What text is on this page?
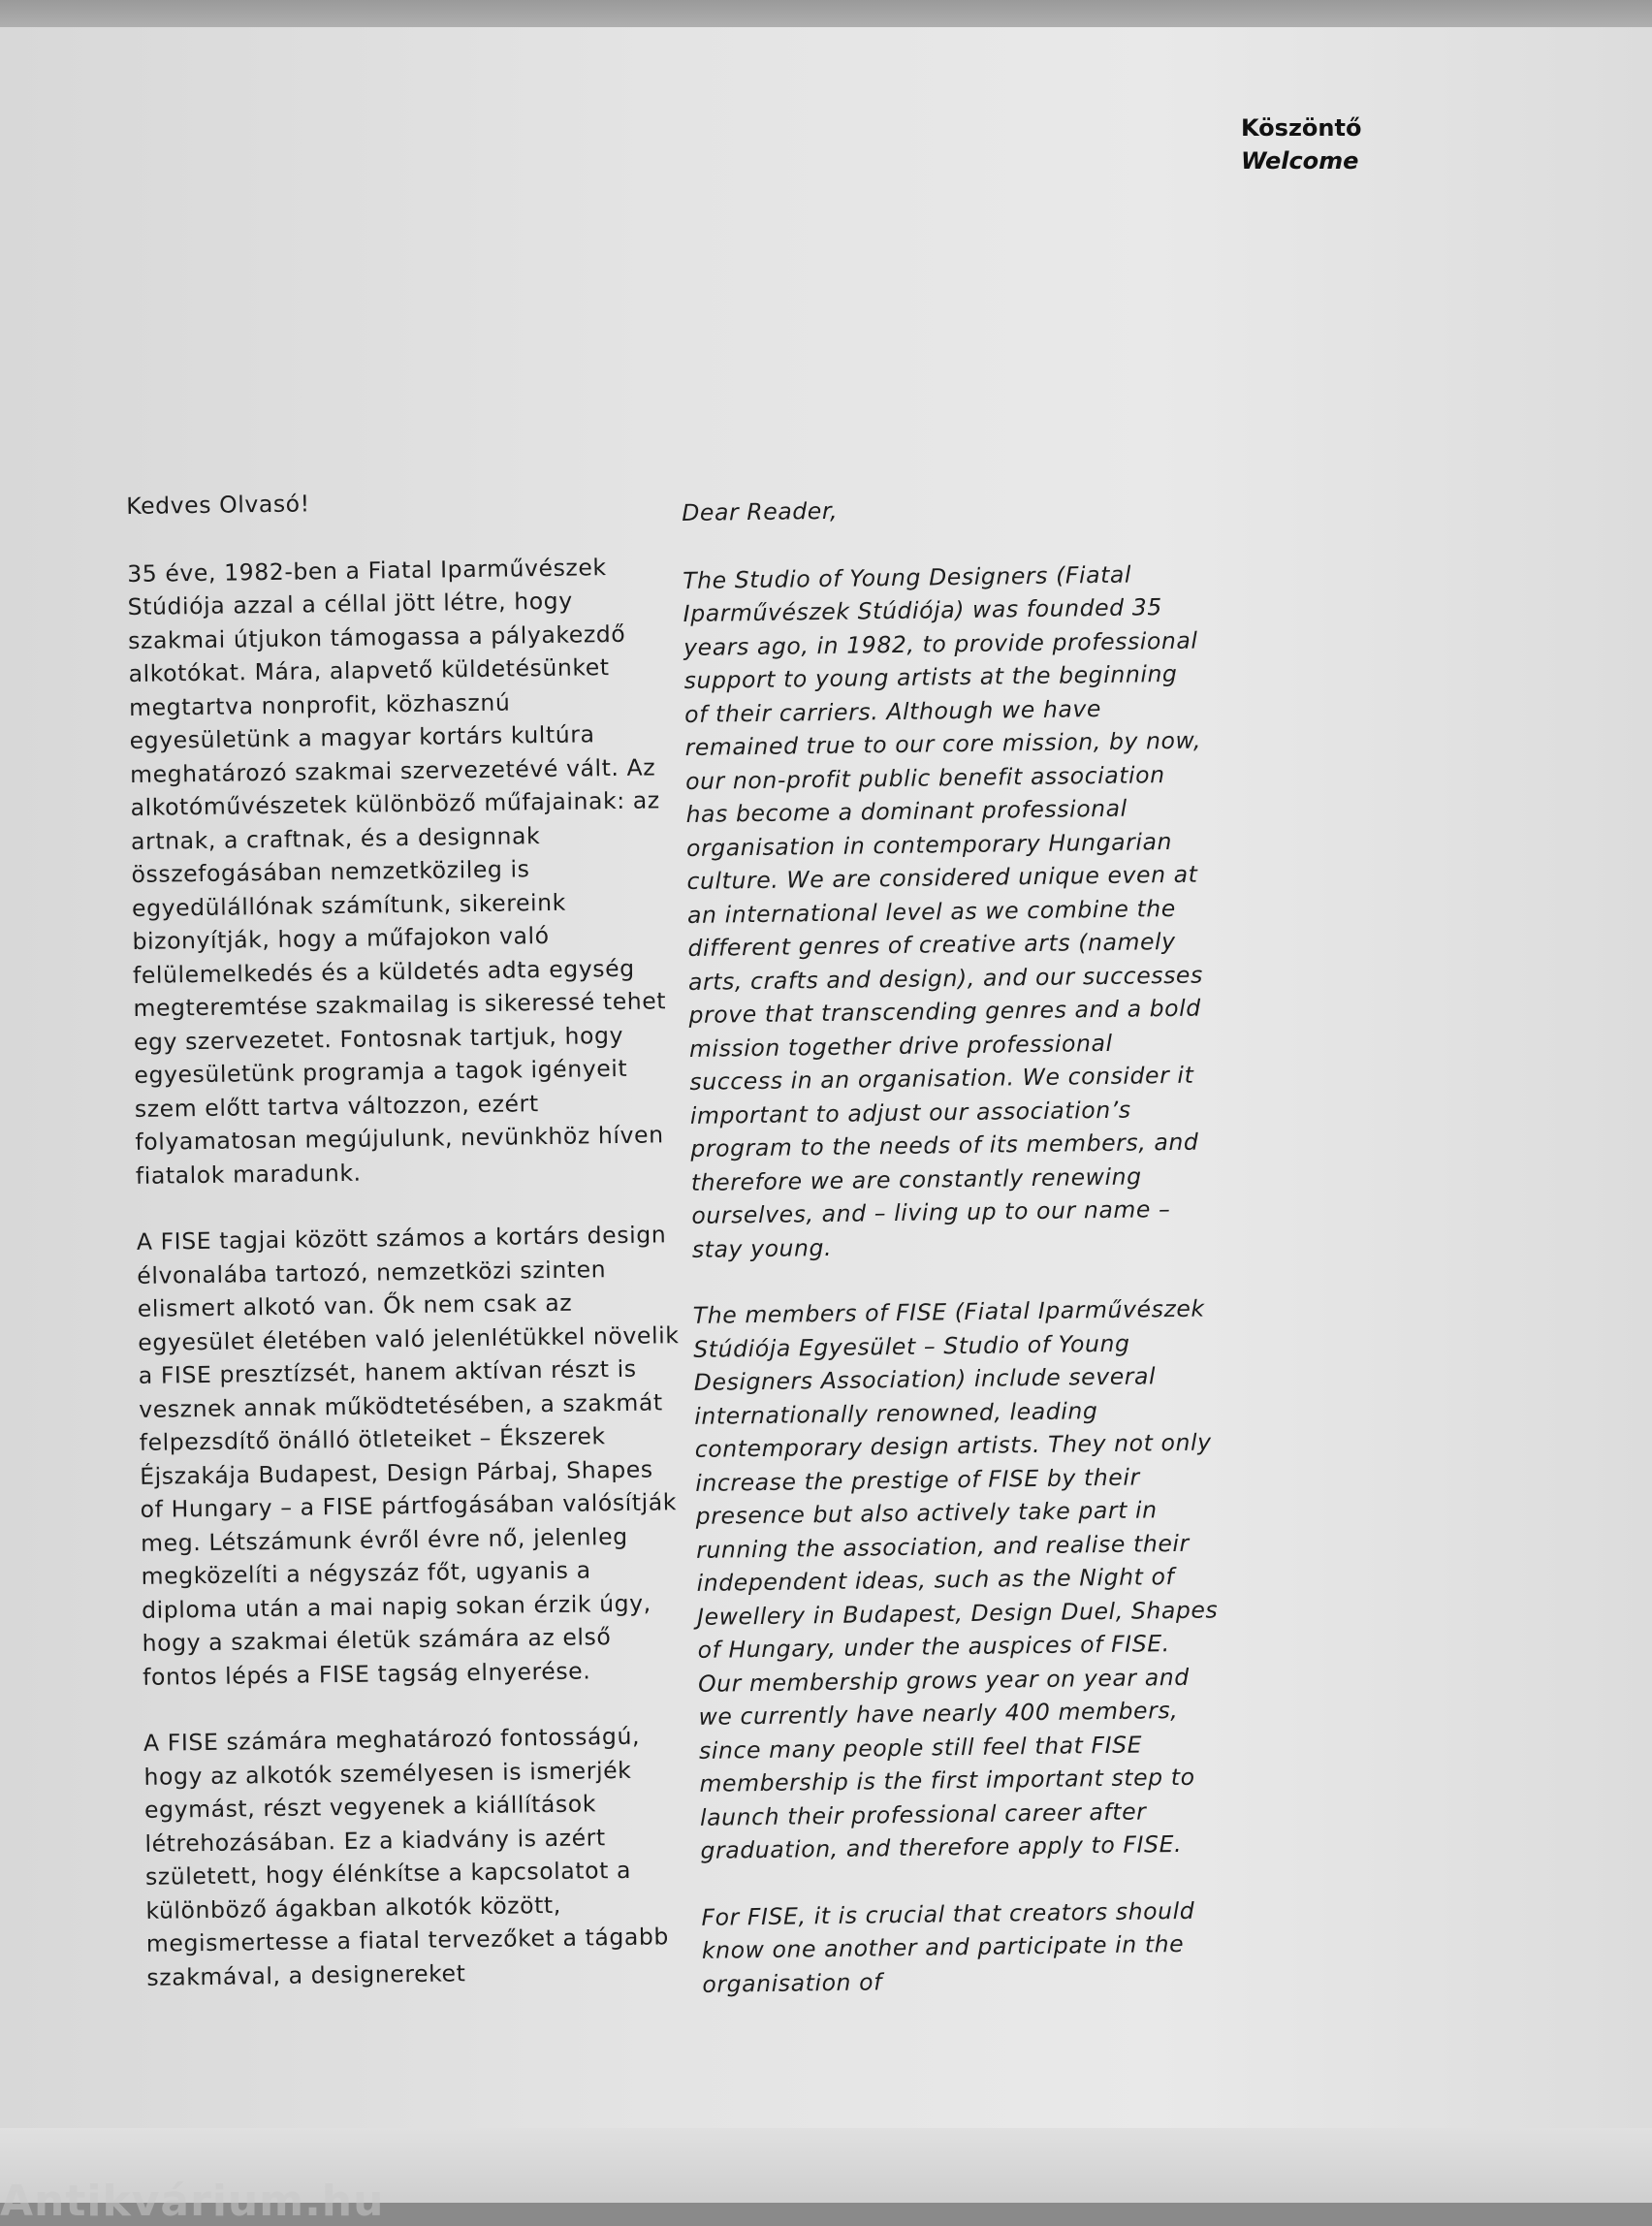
Köszöntő
Welcome

Kedves Olvasó!

35 éve, 1982-ben a Fiatal Iparművészek Stúdiója azzal a céllal jött létre, hogy szakmai útjukon támogassa a pályakezdő alkotókat. Mára, alapvető küldetésünket megtartva nonprofit, közhasznú egyesületünk a magyar kortárs kultúra meghatározó szakmai szervezetévé vált. Az alkotóművészetek különböző műfajainak: az artnak, a craftnak, és a designnak összefogásában nemzetközileg is egyedülállónak számítunk, sikereink bizonyítják, hogy a műfajokon való felülemelkedés és a küldetés adta egység megteremtése szakmailag is sikeressé tehet egy szervezetet. Fontosnak tartjuk, hogy egyesületünk programja a tagok igényeit szem előtt tartva változzon, ezért folyamatosan megújulunk, nevünkhöz híven fiatalok maradunk.

A FISE tagjai között számos a kortárs design élvonalába tartozó, nemzetközi szinten elismert alkotó van. Ők nem csak az egyesület életében való jelenlétükkel növelik a FISE presztízsét, hanem aktívan részt is vesznek annak működtetésében, a szakmát felpezsdítő önálló ötleteiket – Ékszerek Éjszakája Budapest, Design Párbaj, Shapes of Hungary – a FISE pártfogásában valósítják meg. Létszámunk évről évre nő, jelenleg megközelíti a négyszáz főt, ugyanis a diploma után a mai napig sokan érzik úgy, hogy a szakmai életük számára az első fontos lépés a FISE tagság elnyerése.

A FISE számára meghatározó fontosságú, hogy az alkotók személyesen is ismerjék egymást, részt vegyenek a kiállítások létrehozásában. Ez a kiadvány is azért született, hogy élénkítse a kapcsolatot a különböző ágakban alkotók között, megismertesse a fiatal tervezőket a tágabb szakmával, a designereket

Dear Reader,

The Studio of Young Designers (Fiatal Iparművészek Stúdiója) was founded 35 years ago, in 1982, to provide professional support to young artists at the beginning of their carriers. Although we have remained true to our core mission, by now, our non-profit public benefit association has become a dominant professional organisation in contemporary Hungarian culture. We are considered unique even at an international level as we combine the different genres of creative arts (namely arts, crafts and design), and our successes prove that transcending genres and a bold mission together drive professional success in an organisation. We consider it important to adjust our association’s program to the needs of its members, and therefore we are constantly renewing ourselves, and – living up to our name – stay young.

The members of FISE (Fiatal Iparművészek Stúdiója Egyesület – Studio of Young Designers Association) include several internationally renowned, leading contemporary design artists. They not only increase the prestige of FISE by their presence but also actively take part in running the association, and realise their independent ideas, such as the Night of Jewellery in Budapest, Design Duel, Shapes of Hungary, under the auspices of FISE. Our membership grows year on year and we currently have nearly 400 members, since many people still feel that FISE membership is the first important step to launch their professional career after graduation, and therefore apply to FISE.

For FISE, it is crucial that creators should know one another and participate in the organisation of

Antikvárium.hu
